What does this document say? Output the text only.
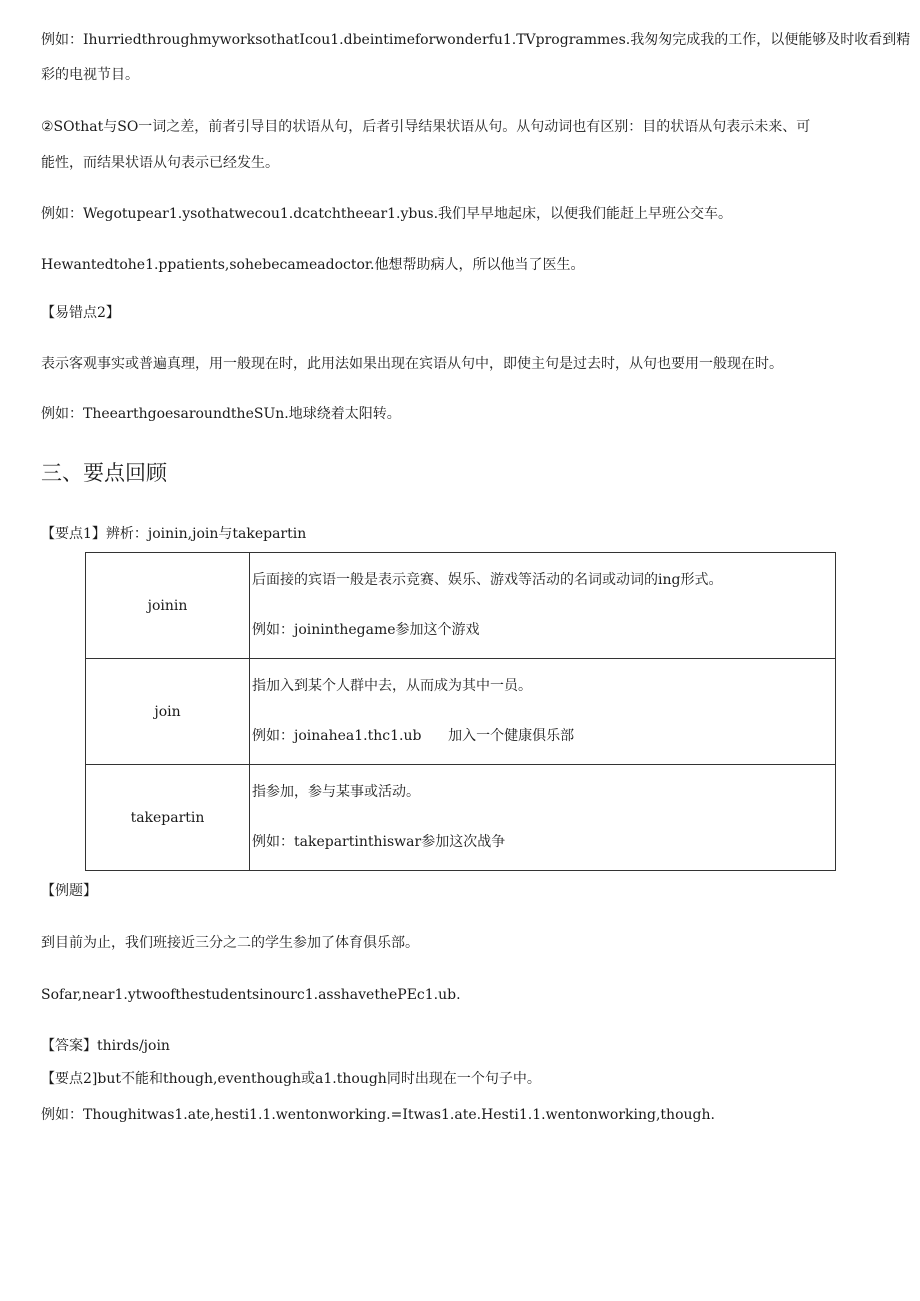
例如：IhurriedthroughmyworksothatIcou1.dbeintimeforwonderfu1.TVprogrammes.我匆匆完成我的工作，以便能够及时收看到精
彩的电视节目。
②SOthat与SO一词之差，前者引导目的状语从句，后者引导结果状语从句。从句动词也有区别：目的状语从句表示未来、可
能性，而结果状语从句表示已经发生。
例如：Wegotupear1.ysothatwecou1.dcatchtheear1.ybus.我们早早地起床，以便我们能赶上早班公交车。
Hewantedtohe1.ppatients,sohebecameadoctor.他想帮助病人，所以他当了医生。
【易错点2】
表示客观事实或普遍真理，用一般现在时，此用法如果出现在宾语从句中，即使主句是过去时，从句也要用一般现在时。
例如：TheearthgoesaroundtheSUn.地球绕着太阳转。
三、要点回顾
【要点1】辨析：joinin,join与takepartin
joinin	后面接的宾语一般是表示竞赛、娱乐、游戏等活动的名词或动词的ing形式。
例如：joininthegame参加这个游戏

join	指加入到某个人群中去，从而成为其中一员。
例如：joinahea1.thc1.ub      加入一个健康俱乐部

takepartin	指参加，参与某事或活动。
例如：takepartinthiswar参加这次战争
【例题】
到目前为止，我们班接近三分之二的学生参加了体育俱乐部。
Sofar,near1.ytwoofthestudentsinourc1.asshavethePEc1.ub.
【答案】thirds/join
【要点2]but不能和though,eventhough或a1.though同时出现在一个句子中。
例如：Thoughitwas1.ate,hesti1.1.wentonworking.=Itwas1.ate.Hesti1.1.wentonworking,though.
